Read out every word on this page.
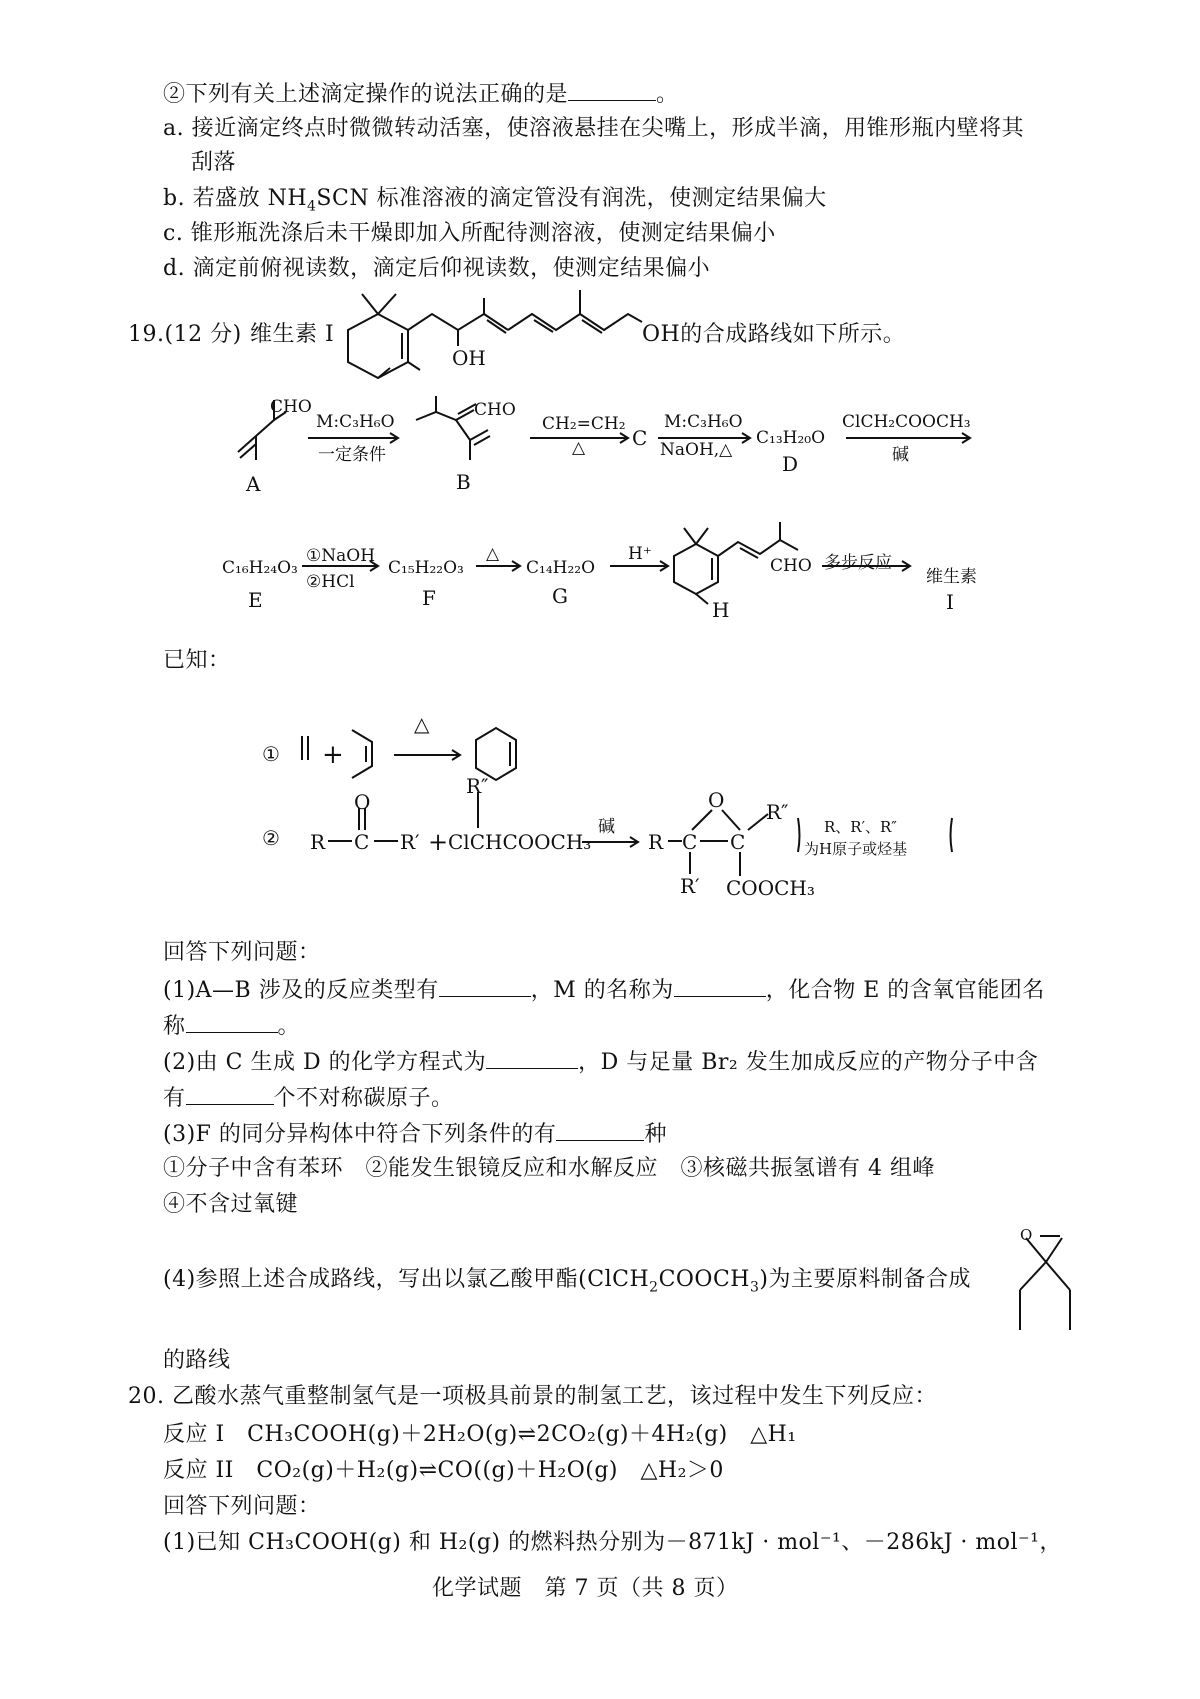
②下列有关上述滴定操作的说法正确的是	。
a. 接近滴定终点时微微转动活塞，使溶液悬挂在尖嘴上，形成半滴，用锥形瓶内壁将其
刮落
b. 若盛放 $NH_4SCN$ 标准溶液的滴定管没有润洗，使测定结果偏大
c. 锥形瓶洗涤后未干燥即加入所配待测溶液，使测定结果偏小
d. 滴定前俯视读数，滴定后仰视读数，使测定结果偏小
19.(12 分) 维生素 I
OH
OH的合成路线如下所示。
CHO
A
M:C₃H₆O
一定条件
CHO
B
CH₂=CH₂
△ C
M:C₃H₆O
NaOH,△
C₁₃H₂₀O
D
ClCH₂COOCH₃
碱
C₁₆H₂₄O₃
E
①NaOH
②HCl
C₁₅H₂₂O₃
F
△
C₁₄H₂₂O
G
H⁺
CHO
H
多步反应
维生素
I
已知：
① +
△
② R
O
C R′ +
R″
ClCHCOOCH₃
碱
R
O
C C
R″
R′ COOCH₃
R、R′、R″
为H原子或烃基
回答下列问题：
(1)A—B 涉及的反应类型有	，M 的名称为	，化合物 E 的含氧官能团名
称	。
(2)由 C 生成 D 的化学方程式为	，D 与足量 Br₂ 发生加成反应的产物分子中含
有	个不对称碳原子。
(3)F 的同分异构体中符合下列条件的有	种
①分子中含有苯环　②能发生银镜反应和水解反应　③核磁共振氢谱有 4 组峰
④不含过氧键
(4)参照上述合成路线，写出以氯乙酸甲酯$(ClCH_2COOCH_3)$为主要原料制备合成
O
的路线
20. 乙酸水蒸气重整制氢气是一项极具前景的制氢工艺，该过程中发生下列反应：
反应 I　CH₃COOH(g)＋2H₂O(g)⇌2CO₂(g)＋4H₂(g)　△H₁
反应 II　CO₂(g)＋H₂(g)⇌CO((g)＋H₂O(g)　△H₂＞0
回答下列问题：
(1)已知 CH₃COOH(g) 和 H₂(g) 的燃料热分别为－871kJ · mol⁻¹、－286kJ · mol⁻¹，
化学试题　第 7 页（共 8 页）
